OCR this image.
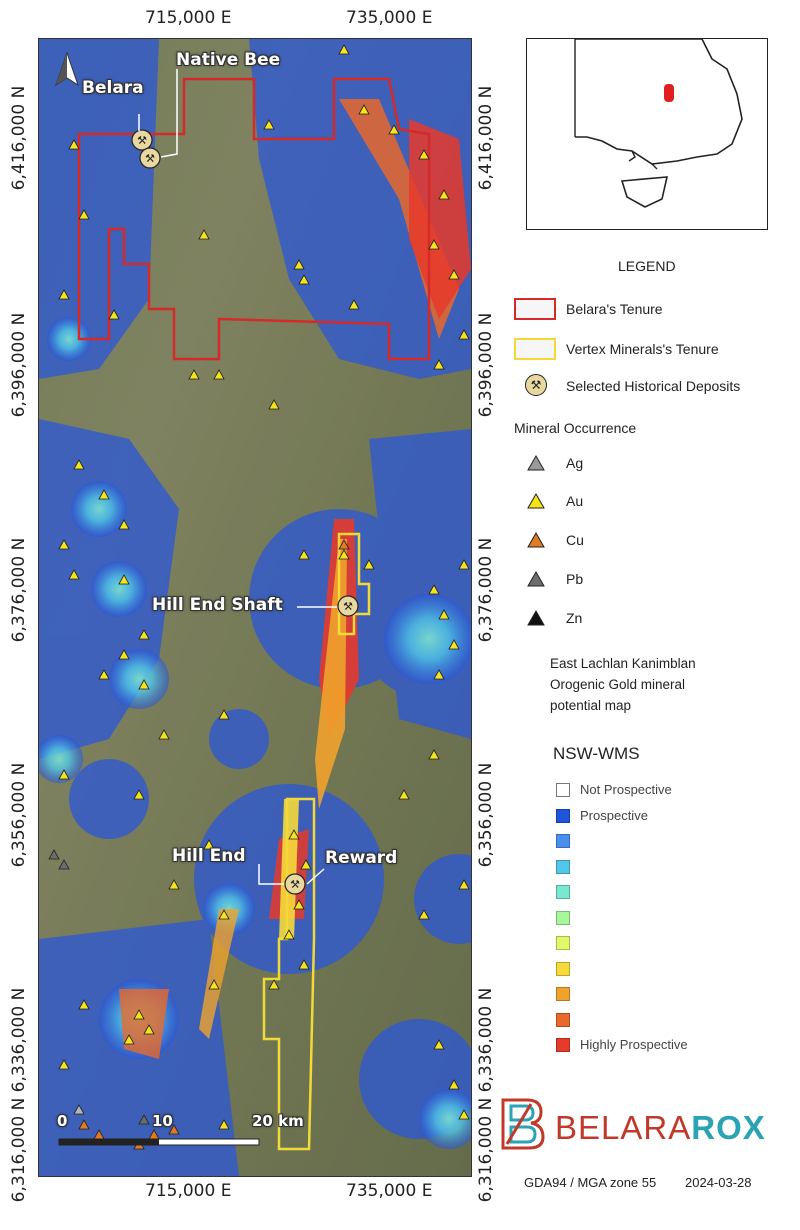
⚒
⚒
⚒
⚒
Belara
Native Bee
Hill End Shaft
Hill End	Reward
0	10	20 km
715,000 E	735,000 E
715,000 E	735,000 E
6,416,000 N
6,396,000 N
6,376,000 N
6,356,000 N
6,336,000 N
6,316,000 N
6,416,000 N
6,396,000 N
6,376,000 N
6,356,000 N
6,336,000 N
6,316,000 N
LEGEND
Belara's Tenure
Vertex Minerals's Tenure
⚒	Selected Historical Deposits
Mineral Occurrence
Ag
Au
Cu
Pb
Zn
East Lachlan Kanimblan
Orogenic Gold mineral
potential map
NSW-WMS
Not Prospective
Prospective
Highly Prospective
BELARAROX
GDA94 / MGA zone 55 2024-03-28
